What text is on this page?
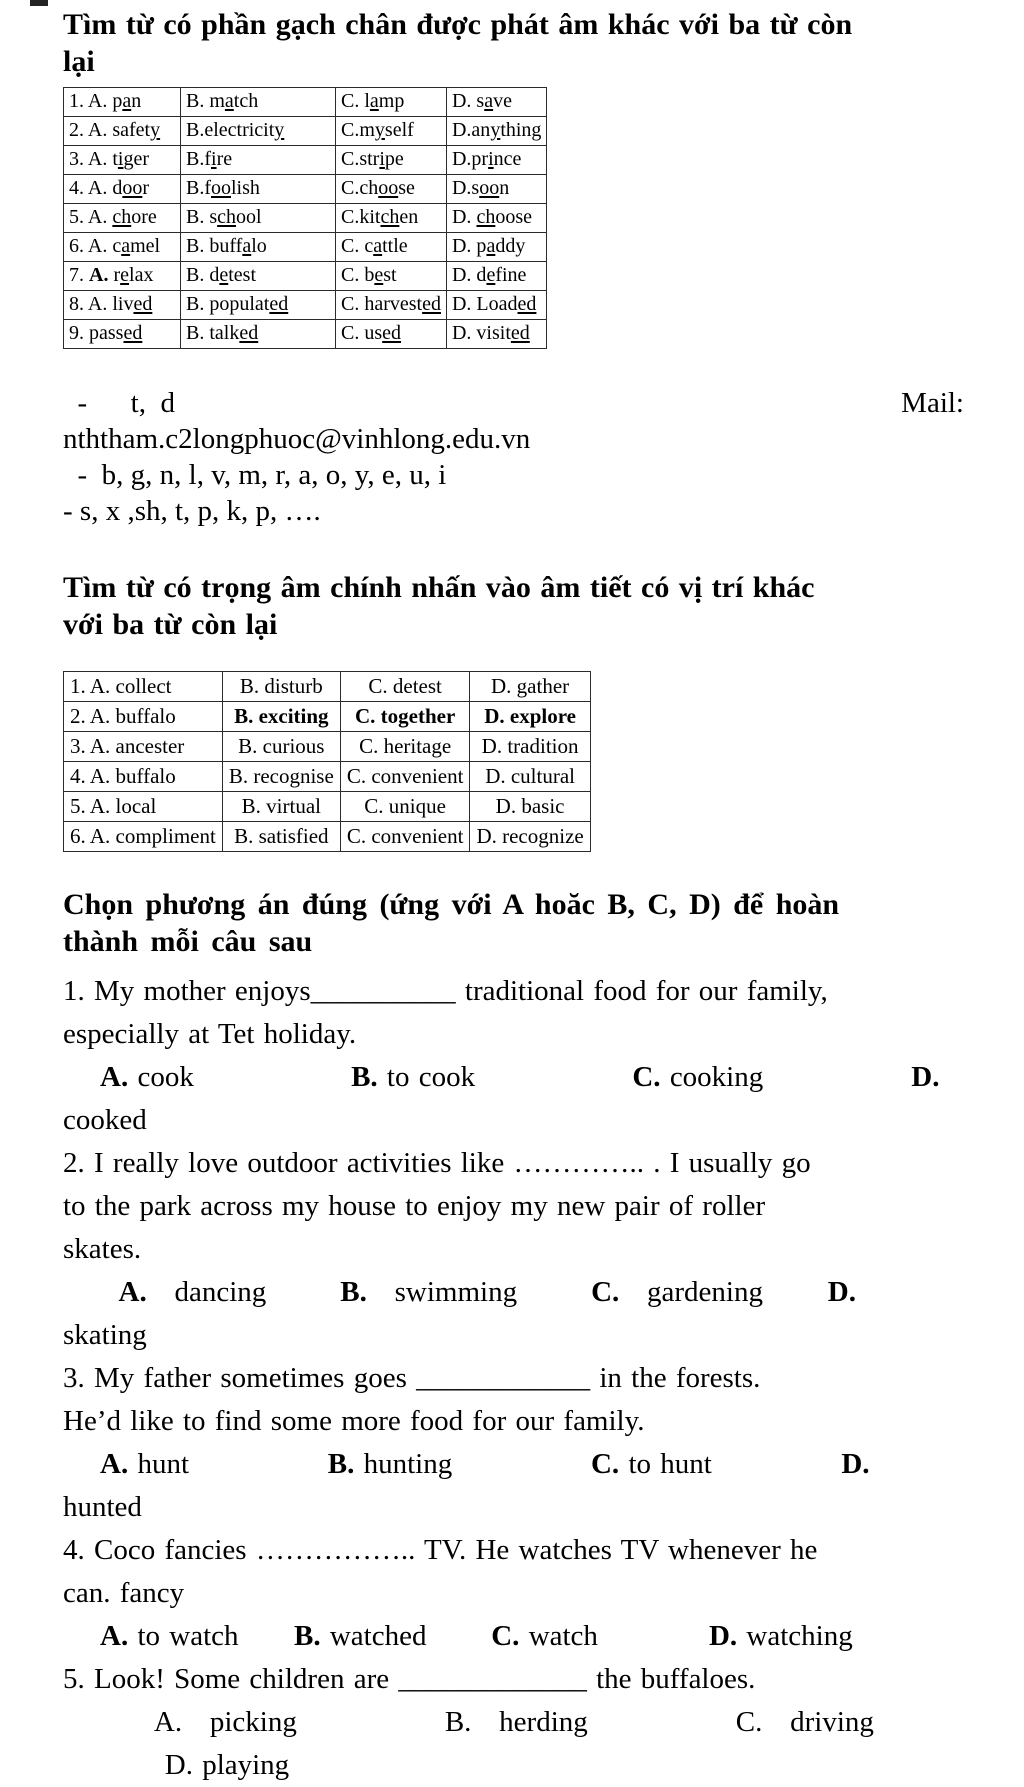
Tìm từ có phần gạch chân được phát âm khác với ba từ còn
lại
1. A. pan	B. match	C. lamp	D. save
2. A. safety	B.electricity	C.myself	D.anything
3. A. tiger	B.fire	C.stripe	D.prince
4. A. door	B.foolish	C.choose	D.soon
5. A. chore	B. school	C.kitchen	D. choose
6. A. camel	B. buffalo	C. cattle	D. paddy
7. A. relax	B. detest	C. best	D. define
8. A. lived	B. populated	C. harvested	D. Loaded
9. passed	B. talked	C. used	D. visited
-      t,  d	Mail:
nththam.c2longphuoc@vinhlong.edu.vn
-  b, g, n, l, v, m, r, a, o, y, e, u, i
- s, x ,sh, t, p, k, p, ….
Tìm từ có trọng âm chính nhấn vào âm tiết có vị trí khác
với ba từ còn lại
1. A. collect	B. disturb	C. detest	D. gather
2. A. buffalo	B. exciting	C. together	D. explore
3. A. ancester	B. curious	C. heritage	D. tradition
4. A. buffalo	B. recognise	C. convenient	D. cultural
5. A. local	B. virtual	C. unique	D. basic
6. A. compliment	B. satisfied	C. convenient	D. recognize
Chọn phương án đúng (ứng với A hoăc B, C, D) để hoàn
thành mỗi câu sau
1. My mother enjoys__________ traditional food for our family,
especially at Tet holiday.
A. cook                 B. to cook                 C. cooking                D.
cooked
2. I really love outdoor activities like ………….. . I usually go
to the park across my house to enjoy my new pair of roller
skates.
A.   dancing        B.   swimming        C.   gardening       D.
skating
3. My father sometimes goes ____________ in the forests.
He’d like to find some more food for our family.
A. hunt               B. hunting               C. to hunt              D.
hunted
4. Coco fancies …………….. TV. He watches TV whenever he
can. fancy
A. to watch      B. watched       C. watch            D. watching
5. Look! Some children are _____________ the buffaloes.
A.   picking                B.   herding                C.   driving
D. playing
